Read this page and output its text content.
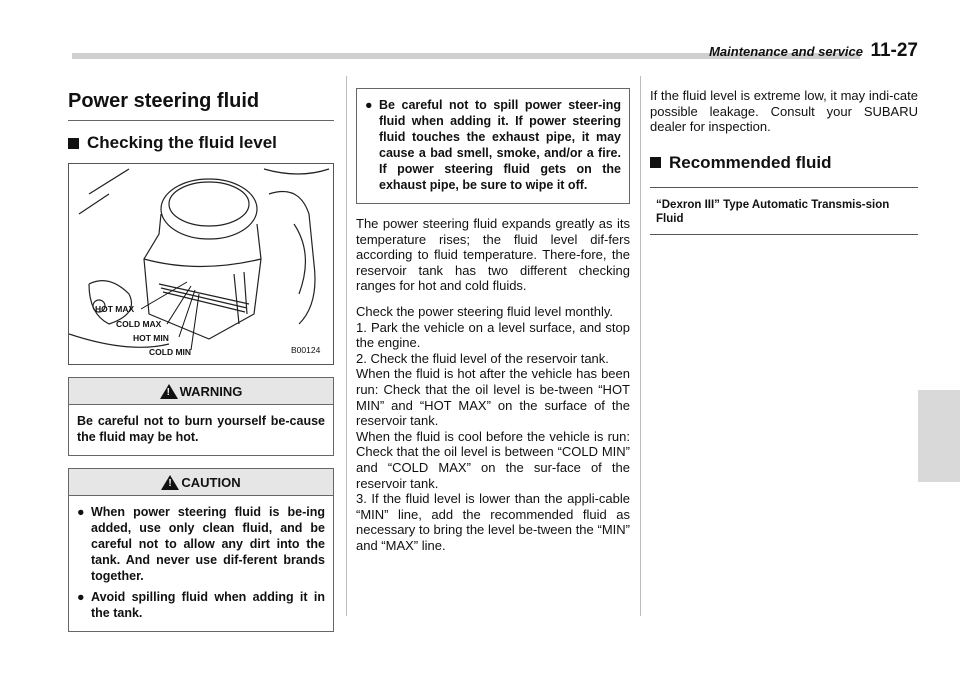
Maintenance and service 11-27
Power steering fluid
Checking the fluid level
HOT MAX
COLD MAX
HOT MIN
COLD MIN	B00124
!
WARNING
Be careful not to burn yourself be-cause the fluid may be hot.
!
CAUTION
● When power steering fluid is be-ing added, use only clean fluid, and be careful not to allow any dirt into the tank. And never use dif-ferent brands together.
● Avoid spilling fluid when adding it in the tank.
● Be careful not to spill power steer-ing fluid when adding it. If power steering fluid touches the exhaust pipe, it may cause a bad smell, smoke, and/or a fire. If power steering fluid gets on the exhaust pipe, be sure to wipe it off.

The power steering fluid expands greatly as its temperature rises; the fluid level dif-fers according to fluid temperature. There-fore, the reservoir tank has two different checking ranges for hot and cold fluids.

Check the power steering fluid level monthly.

1. Park the vehicle on a level surface, and stop the engine.

2. Check the fluid level of the reservoir tank.

When the fluid is hot after the vehicle has been run: Check that the oil level is be-tween “HOT MIN” and “HOT MAX” on the surface of the reservoir tank.

When the fluid is cool before the vehicle is run: Check that the oil level is between “COLD MIN” and “COLD MAX” on the sur-face of the reservoir tank.

3. If the fluid level is lower than the appli-cable “MIN” line, add the recommended fluid as necessary to bring the level be-tween the “MIN” and “MAX” line.

If the fluid level is extreme low, it may indi-cate possible leakage. Consult your SUBARU dealer for inspection.

Recommended fluid
“Dexron III” Type Automatic Transmis-sion Fluid
